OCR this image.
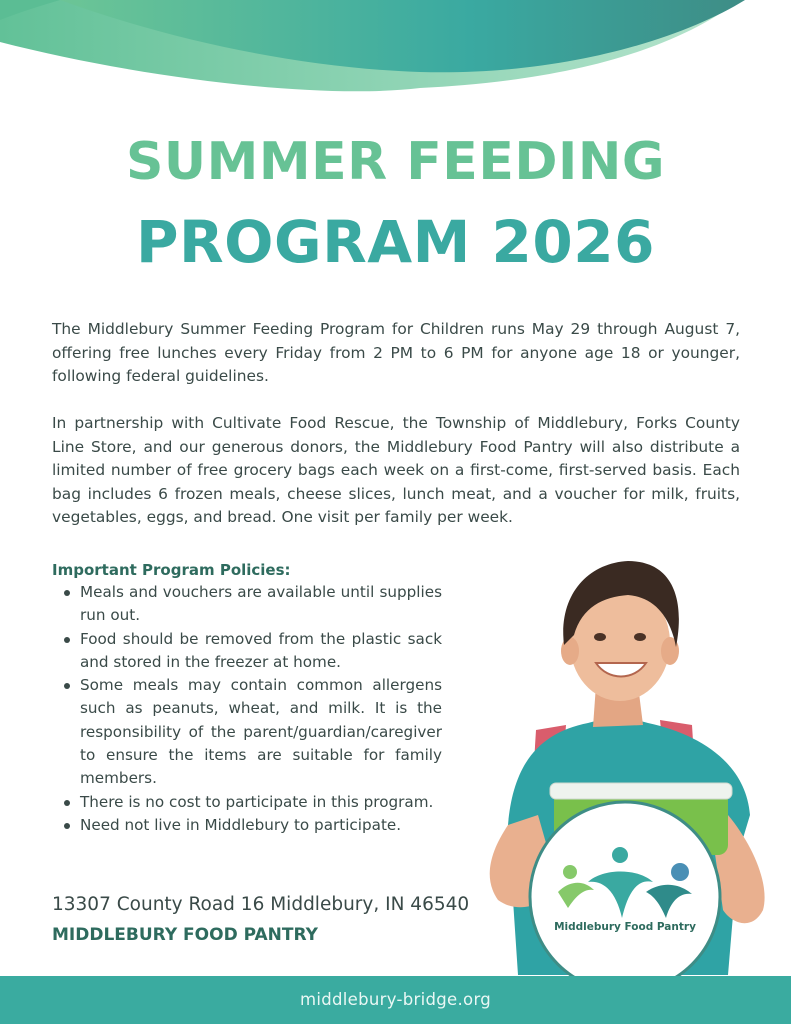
SUMMER FEEDING
PROGRAM 2026

The Middlebury Summer Feeding Program for Children runs May 29 through August 7, offering free lunches every Friday from 2 PM to 6 PM for anyone age 18 or younger, following federal guidelines.

In partnership with Cultivate Food Rescue, the Township of Middlebury, Forks County Line Store, and our generous donors, the Middlebury Food Pantry will also distribute a limited number of free grocery bags each week on a first-come, first-served basis. Each bag includes 6 frozen meals, cheese slices, lunch meat, and a voucher for milk, fruits, vegetables, eggs, and bread. One visit per family per week.

Important Program Policies:

Meals and vouchers are available until supplies run out.
Food should be removed from the plastic sack and stored in the freezer at home.
Some meals may contain common allergens such as peanuts, wheat, and milk. It is the responsibility of the parent/guardian/caregiver to ensure the items are suitable for family members.
There is no cost to participate in this program.
Need not live in Middlebury to participate.

13307 County Road 16 Middlebury, IN 46540

MIDDLEBURY FOOD PANTRY	Middlebury Food Pantry

middlebury-bridge.org
